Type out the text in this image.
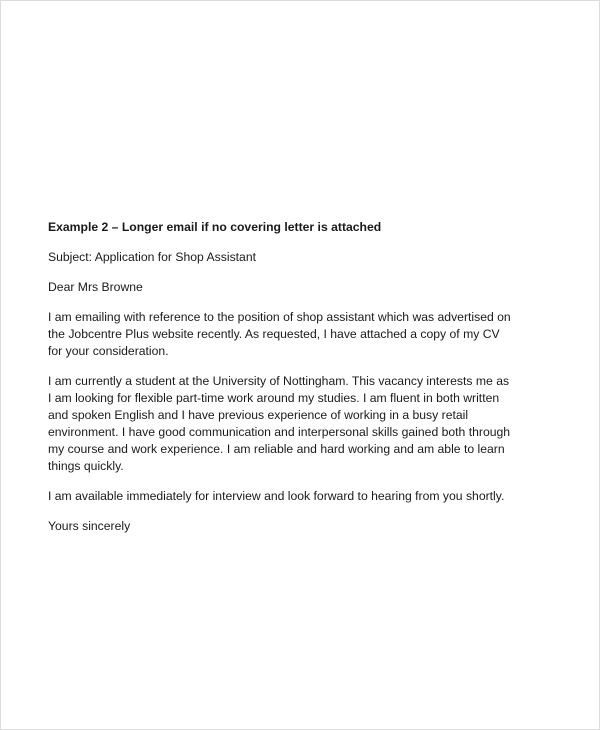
Example 2 – Longer email if no covering letter is attached
Subject: Application for Shop Assistant
Dear Mrs Browne
I am emailing with reference to the position of shop assistant which was advertised on
the Jobcentre Plus website recently. As requested, I have attached a copy of my CV
for your consideration.
I am currently a student at the University of Nottingham. This vacancy interests me as
I am looking for flexible part-time work around my studies. I am fluent in both written
and spoken English and I have previous experience of working in a busy retail
environment. I have good communication and interpersonal skills gained both through
my course and work experience. I am reliable and hard working and am able to learn
things quickly.
I am available immediately for interview and look forward to hearing from you shortly.
Yours sincerely
